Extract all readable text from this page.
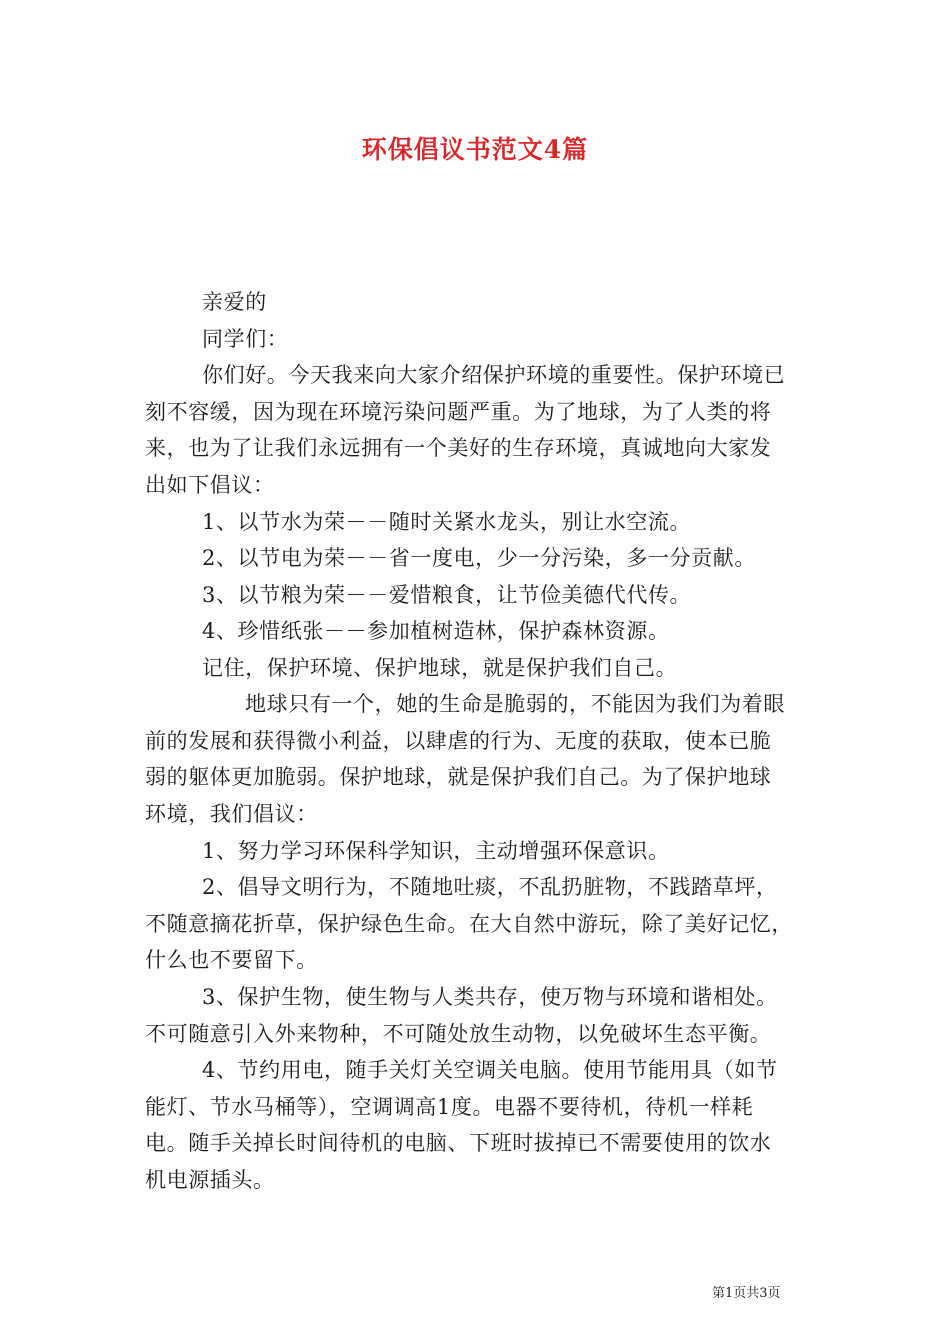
环保倡议书范文4篇
亲爱的
同学们：
你们好。今天我来向大家介绍保护环境的重要性。保护环境已
刻不容缓，因为现在环境污染问题严重。为了地球，为了人类的将
来，也为了让我们永远拥有一个美好的生存环境，真诚地向大家发
出如下倡议：
1、以节水为荣－－随时关紧水龙头，别让水空流。
2、以节电为荣－－省一度电，少一分污染，多一分贡献。
3、以节粮为荣－－爱惜粮食，让节俭美德代代传。
4、珍惜纸张－－参加植树造林，保护森林资源。
记住，保护环境、保护地球，就是保护我们自己。
地球只有一个，她的生命是脆弱的，不能因为我们为着眼
前的发展和获得微小利益，以肆虐的行为、无度的获取，使本已脆
弱的躯体更加脆弱。保护地球，就是保护我们自己。为了保护地球
环境，我们倡议：
1、努力学习环保科学知识，主动增强环保意识。
2、倡导文明行为，不随地吐痰，不乱扔脏物，不践踏草坪，
不随意摘花折草，保护绿色生命。在大自然中游玩，除了美好记忆，
什么也不要留下。
3、保护生物，使生物与人类共存，使万物与环境和谐相处。
不可随意引入外来物种，不可随处放生动物，以免破坏生态平衡。
4、节约用电，随手关灯关空调关电脑。使用节能用具（如节
能灯、节水马桶等），空调调高1度。电器不要待机，待机一样耗
电。随手关掉长时间待机的电脑、下班时拔掉已不需要使用的饮水
机电源插头。
第1页共3页
